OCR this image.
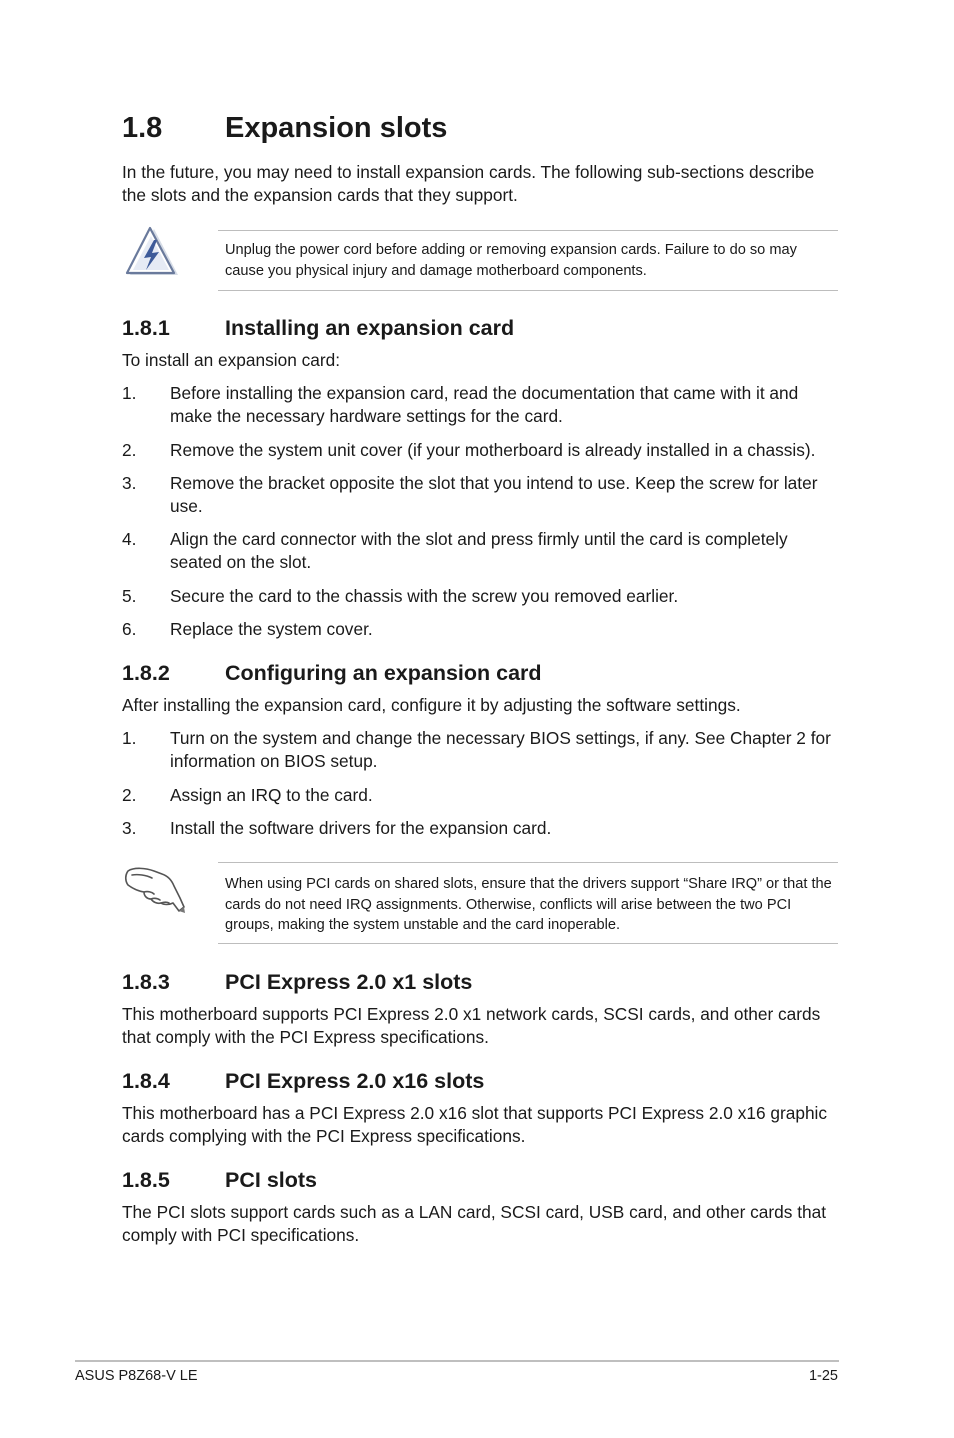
1.8 Expansion slots

In the future, you may need to install expansion cards. The following sub-sections describe the slots and the expansion cards that they support.

Unplug the power cord before adding or removing expansion cards. Failure to do so may cause you physical injury and damage motherboard components.

1.8.1	Installing an expansion card

To install an expansion card:

1. Before installing the expansion card, read the documentation that came with it and make the necessary hardware settings for the card.
2. Remove the system unit cover (if your motherboard is already installed in a chassis).
3. Remove the bracket opposite the slot that you intend to use. Keep the screw for later use.
4. Align the card connector with the slot and press firmly until the card is completely seated on the slot.
5. Secure the card to the chassis with the screw you removed earlier.
6. Replace the system cover.
1.8.2	Configuring an expansion card

After installing the expansion card, configure it by adjusting the software settings.

1. Turn on the system and change the necessary BIOS settings, if any. See Chapter 2 for information on BIOS setup.
2. Assign an IRQ to the card.
3. Install the software drivers for the expansion card.

When using PCI cards on shared slots, ensure that the drivers support “Share IRQ” or that the cards do not need IRQ assignments. Otherwise, conflicts will arise between the two PCI groups, making the system unstable and the card inoperable.

1.8.3	PCI Express 2.0 x1 slots

This motherboard supports PCI Express 2.0 x1 network cards, SCSI cards, and other cards that comply with the PCI Express specifications.

1.8.4	PCI Express 2.0 x16 slots

This motherboard has a PCI Express 2.0 x16 slot that supports PCI Express 2.0 x16 graphic cards complying with the PCI Express specifications.

1.8.5	PCI slots

The PCI slots support cards such as a LAN card, SCSI card, USB card, and other cards that comply with PCI specifications.

ASUS P8Z68-V LE	1-25
